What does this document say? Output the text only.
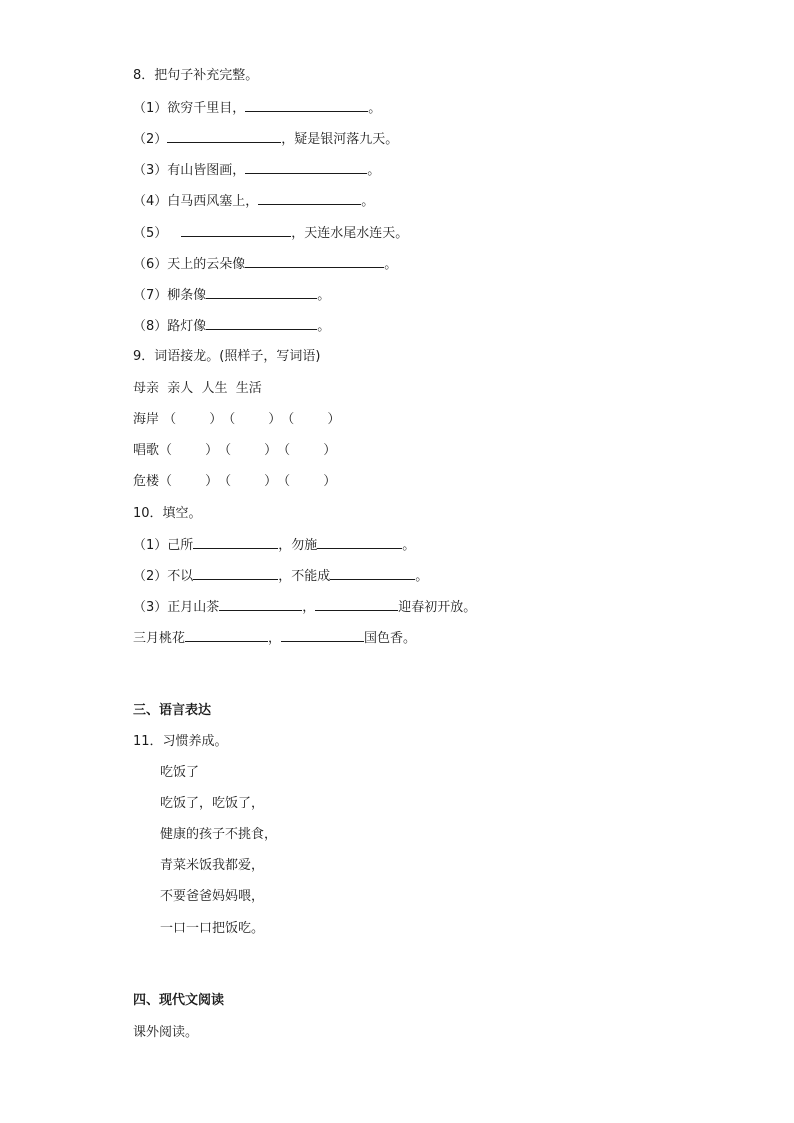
8．把句子补充完整。
（1）欲穷千里目，	。
（2）	，疑是银河落九天。
（3）有山皆图画，	。
（4）白马西风塞上，	。
（5）	，天连水尾水连天。
（6）天上的云朵像	。
（7）柳条像	。
（8）路灯像	。
9．词语接龙。(照样子，写词语)
母亲  亲人  人生  生活
海岸 （        ）（        ）（        ）
唱歌（        ）（        ）（        ）
危楼（        ）（        ）（        ）
10．填空。
（1）己所	，勿施	。
（2）不以	，不能成	。
（3）正月山茶	，	迎春初开放。
三月桃花	，	国色香。
三、语言表达
11．习惯养成。
吃饭了
吃饭了，吃饭了，
健康的孩子不挑食，
青菜米饭我都爱，
不要爸爸妈妈喂，
一口一口把饭吃。
四、现代文阅读
课外阅读。
